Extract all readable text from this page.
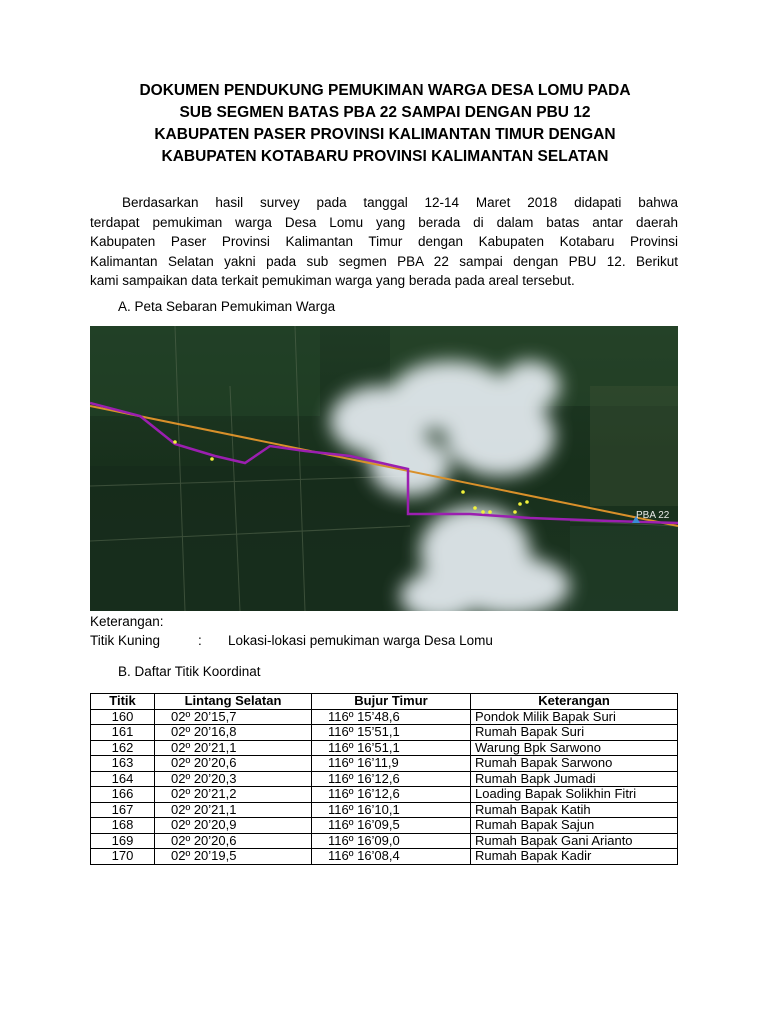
DOKUMEN PENDUKUNG PEMUKIMAN WARGA DESA LOMU PADA
SUB SEGMEN BATAS PBA 22 SAMPAI DENGAN PBU 12
KABUPATEN PASER PROVINSI KALIMANTAN TIMUR DENGAN
KABUPATEN KOTABARU PROVINSI KALIMANTAN SELATAN
Berdasarkan hasil survey pada tanggal 12-14 Maret 2018 didapati bahwa
terdapat pemukiman warga Desa Lomu yang berada di dalam batas antar daerah
Kabupaten Paser Provinsi Kalimantan Timur dengan Kabupaten Kotabaru Provinsi
Kalimantan Selatan yakni pada sub segmen PBA 22 sampai dengan PBU 12. Berikut
kami sampaikan data terkait pemukiman warga yang berada pada areal tersebut.
A. Peta Sebaran Pemukiman Warga
PBA 22
Keterangan:
Titik Kuning	: Lokasi-lokasi pemukiman warga Desa Lomu
B. Daftar Titik Koordinat
Titik	Lintang Selatan	Bujur Timur	Keterangan
160	02º 20’15,7	116º 15’48,6	Pondok Milik Bapak Suri
161	02º 20’16,8	116º 15’51,1	Rumah Bapak Suri
162	02º 20’21,1	116º 16’51,1	Warung Bpk Sarwono
163	02º 20’20,6	116º 16’11,9	Rumah Bapak Sarwono
164	02º 20’20,3	116º 16’12,6	Rumah Bapk Jumadi
166	02º 20’21,2	116º 16’12,6	Loading Bapak Solikhin Fitri
167	02º 20’21,1	116º 16’10,1	Rumah Bapak Katih
168	02º 20’20,9	116º 16’09,5	Rumah Bapak Sajun
169	02º 20’20,6	116º 16’09,0	Rumah Bapak Gani Arianto
170	02º 20’19,5	116º 16’08,4	Rumah Bapak Kadir
